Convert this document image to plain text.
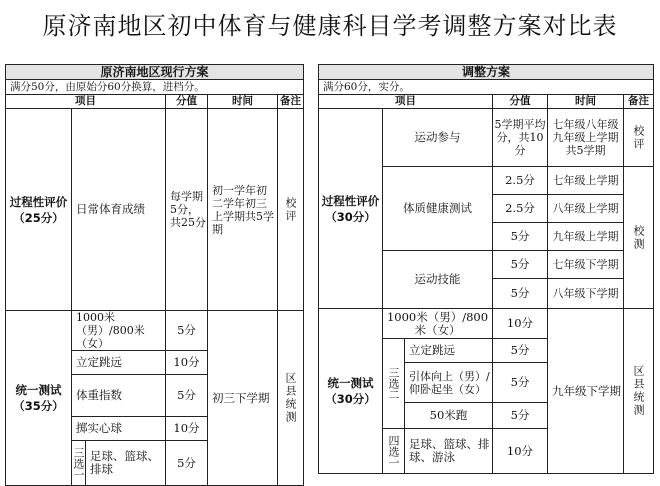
原济南地区初中体育与健康科目学考调整方案对比表
原济南地区现行方案					
满分50分，由原始分60分换算，进档分。					
项目			分值	时间	备注
过程性评价（25分）	日常体育成绩		每学期5分，共25分	初一学年初二学年初三上学期共5学期	校评
统一测试（35分）	1000米（男）/800米（女）		5分	初三下学期	区县统测
	立定跳远		10分		
	体重指数		5分		
	掷实心球		10分		
	三选一	足球、篮球、排球	5分		
调整方案					
满分60分，实分。					
项目			分值	时间	备注
过程性评价（30分）	运动参与		5学期平均分，共10分	七年级八年级九年级上学期共5学期	校评
	体质健康测试		2.5分	七年级上学期	校测
			2.5分	八年级上学期	
			5分	九年级上学期	
	运动技能		5分	七年级下学期	
			5分	八年级下学期	
统一测试（30分）	1000米（男）/800米（女）		10分	九年级下学期	区县统测
	三选二	立定跳远	5分		
		引体向上（男）/仰卧起坐（女）	5分		
		50米跑	5分		
	四选一	足球、篮球、排球、游泳	10分		
